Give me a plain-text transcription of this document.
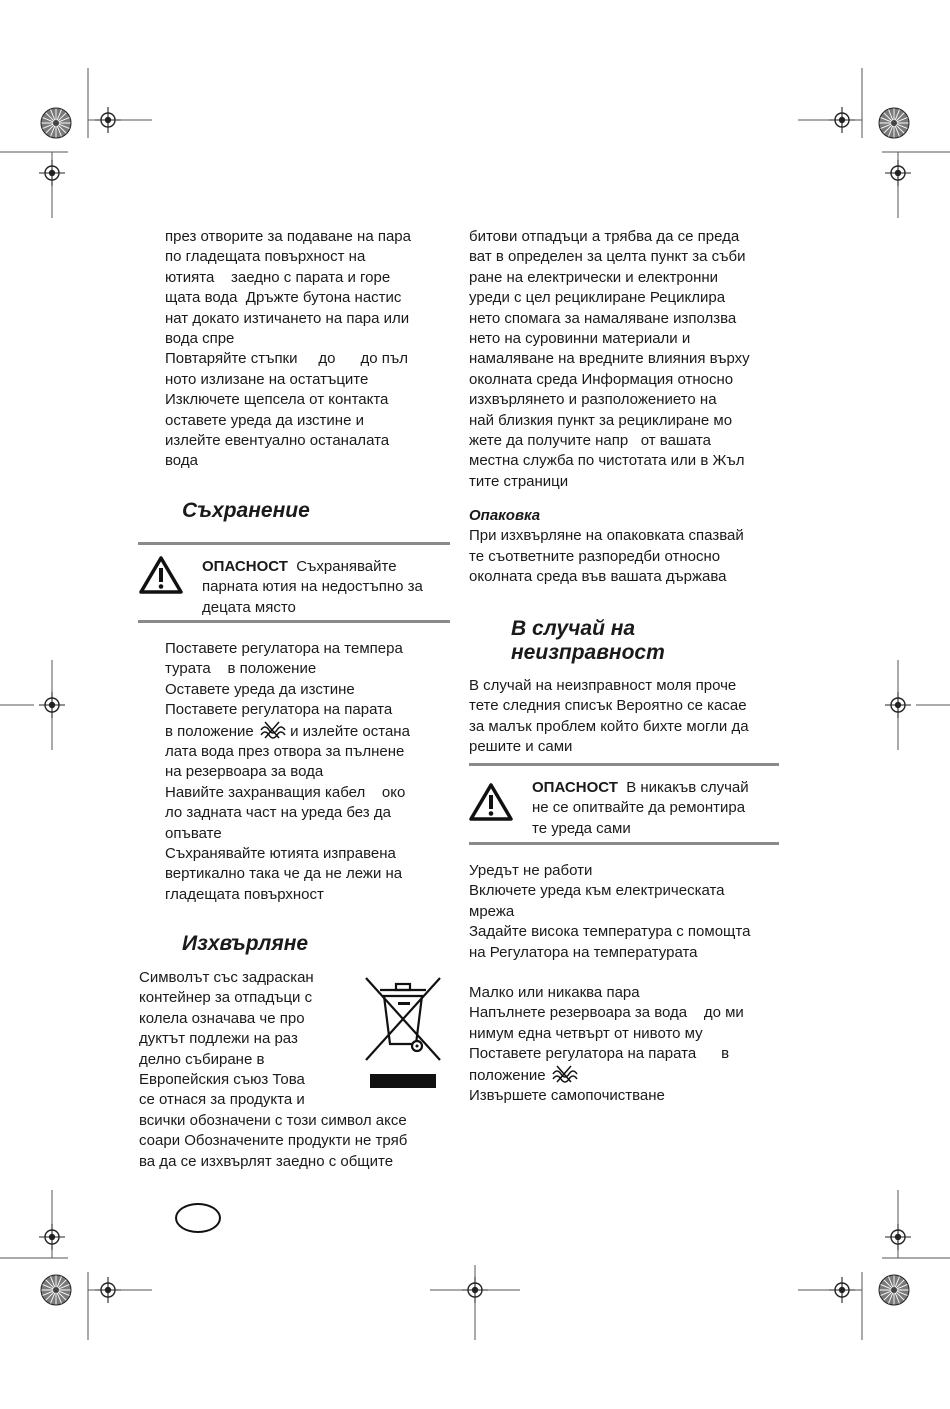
през отворите за подаване на пара

по гладещата повърхност на

ютията    заедно с парата и горе

щата вода  Дръжте бутона настис

нат докато изтичането на пара или

вода спре

Повтаряйте стъпки     до      до пъл

ното излизане на остатъците

Изключете щепсела от контакта

оставете уреда да изстине и

излейте евентуално останалата

вода

Съхранение
ОПАСНОСТ  Съхранявайте
парната ютия на недостъпно за
децата място

Поставете регулатора на темпера

турата    в положение

Оставете уреда да изстине

Поставете регулатора на парата

в положение и излейте остана

лата вода през отвора за пълнене

на резервоара за вода

Навийте захранващия кабел    око

ло задната част на уреда без да

опъвате

Съхранявайте ютията изправена

вертикално така че да не лежи на

гладещата повърхност

Изхвърляне

Символът със задраскан

контейнер за отпадъци с

колела означава че про

дуктът подлежи на раз

делно събиране в

Европейския съюз Това

се отнася за продукта и

всички обозначени с този символ аксе

соари Обозначените продукти не тряб

ва да се изхвърлят заедно с общите

битови отпадъци а трябва да се преда

ват в определен за целта пункт за съби

ране на електрически и електронни

уреди с цел рециклиране Рециклира

нето спомага за намаляване използва

нето на суровинни материали и

намаляване на вредните влияния върху

околната среда Информация относно

изхвърлянето и разположението на

най близкия пункт за рециклиране мо

жете да получите напр   от вашата

местна служба по чистотата или в Жъл

тите страници

Опаковка

При изхвърляне на опаковката спазвай

те съответните разпоредби относно

околната среда във вашата държава

В случай на
неизправност

В случай на неизправност моля проче

тете следния списък Вероятно се касае

за малък проблем който бихте могли да

решите и сами

ОПАСНОСТ  В никакъв случай
не се опитвайте да ремонтира
те уреда сами

Уредът не работи

Включете уреда към електрическата

мрежа

Задайте висока температура с помощта

на Регулатора на температурата

Малко или никаква пара

Напълнете резервоара за вода    до ми

нимум една четвърт от нивото му

Поставете регулатора на парата      в

положение

Извършете самопочистване
